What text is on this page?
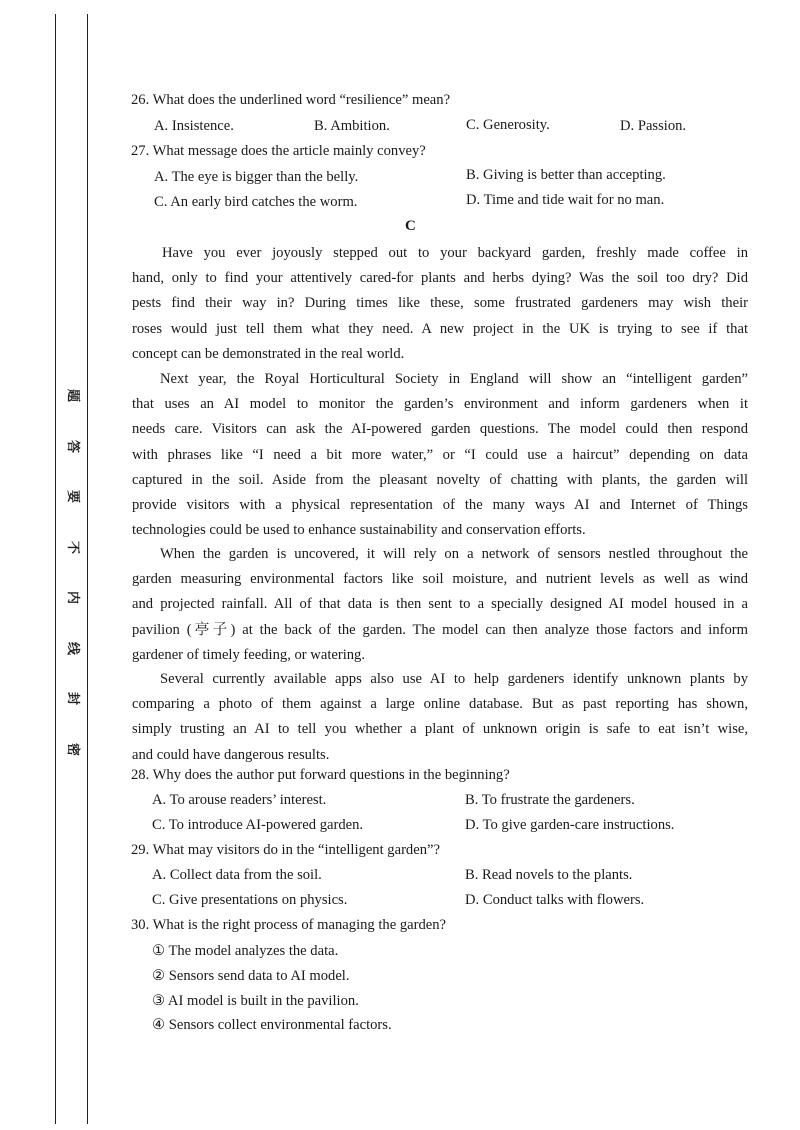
题
答
要
不
内
线
封
密
26. What does the underlined word “resilience” mean?
A. Insistence.	B. Ambition.	C. Generosity.	D. Passion.
27. What message does the article mainly convey?
A. The eye is bigger than the belly.	B. Giving is better than accepting.
C. An early bird catches the worm.	D. Time and tide wait for no man.
C
Have you ever joyously stepped out to your backyard garden, freshly made coffee in
hand, only to find your attentively cared-for plants and herbs dying? Was the soil too dry? Did
pests find their way in? During times like these, some frustrated gardeners may wish their
roses would just tell them what they need. A new project in the UK is trying to see if that
concept can be demonstrated in the real world.
Next year, the Royal Horticultural Society in England will show an “intelligent garden”
that uses an AI model to monitor the garden’s environment and inform gardeners when it
needs care. Visitors can ask the AI-powered garden questions. The model could then respond
with phrases like “I need a bit more water,” or “I could use a haircut” depending on data
captured in the soil. Aside from the pleasant novelty of chatting with plants, the garden will
provide visitors with a physical representation of the many ways AI and Internet of Things
technologies could be used to enhance sustainability and conservation efforts.
When the garden is uncovered, it will rely on a network of sensors nestled throughout the
garden measuring environmental factors like soil moisture, and nutrient levels as well as wind
and projected rainfall. All of that data is then sent to a specially designed AI model housed in a
pavilion (亭子) at the back of the garden. The model can then analyze those factors and inform
gardener of timely feeding, or watering.
Several currently available apps also use AI to help gardeners identify unknown plants by
comparing a photo of them against a large online database. But as past reporting has shown,
simply trusting an AI to tell you whether a plant of unknown origin is safe to eat isn’t wise,
and could have dangerous results.
28. Why does the author put forward questions in the beginning?
A. To arouse readers’ interest.	B. To frustrate the gardeners.
C. To introduce AI-powered garden.	D. To give garden-care instructions.
29. What may visitors do in the “intelligent garden”?
A. Collect data from the soil.	B. Read novels to the plants.
C. Give presentations on physics.	D. Conduct talks with flowers.
30. What is the right process of managing the garden?
① The model analyzes the data.
② Sensors send data to AI model.
③ AI model is built in the pavilion.
④ Sensors collect environmental factors.
